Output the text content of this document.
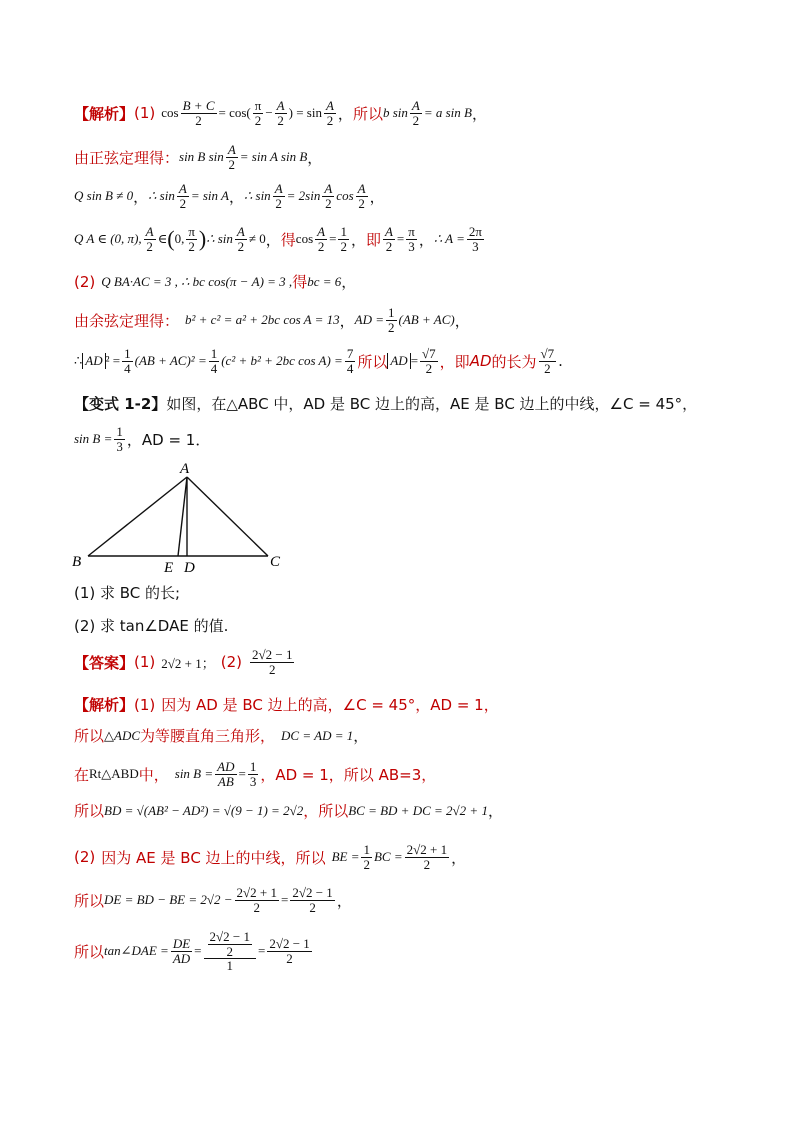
【解析】 (1) $\cos \frac{B + C}{2} = \cos( \frac{\pi}{2} - \frac{A}{2}$ ) = $\sin \frac{A}{2}$ ， 所以 b $\sin \frac{A}{2} = a$ sin B ，
由正弦定理得： sin B $\sin \frac{A}{2} = \sin A$ sin B ，
Q sin B ≠ 0 ， ∴ $\sin \frac{A}{2} = \sin A$ ， ∴ $\sin \frac{A}{2} = 2\sin \frac{A}{2}$ $\cos \frac{A}{2}$ ，
Q A ∈ (0, π), $\frac{A}{2}$ ∈ ( 0, $\frac{\pi}{2}$ ) ∴ $\sin \frac{A}{2} \ne 0$ ， 得 $\cos \frac{A}{2} = \frac{1}{2}$ ， 即 $\frac{A}{2} = \frac{\pi}{3}$ ， ∴ $A = \frac{2\pi}{3}$
(2) Q BA·AC = 3 , ∴ bc cos(π − A) = 3 , 得 bc = 6 ，
由余弦定理得： b² + c² = a² + 2bc cos A = 13 ， AD = $\frac{1}{2} (AB + AC)$ ，
∴ AD $^2 = \frac{1}{4} (AB + AC)^2 = \frac{1}{4} (c^2 + b^2 + 2bc$ $\cos A) = \frac{7}{4}$ 所以 AD = $\frac{√7}{2}$ ，即 AD 的长为 $\frac{√7}{2}$ .
【变式 1-2】 如图，在△ABC 中，AD 是 BC 边上的高，AE 是 BC 边上的中线，∠C = 45°，
$\sin B = \frac{1}{3}$ ，AD = 1．
A
B	C
E D
(1) 求 BC 的长;
(2) 求 tan∠DAE 的值.
【答案】 (1) 2√2 + 1； $(2) \frac{2√2 - 1}{2}$
【解析】 (1) 因为 AD 是 BC 边上的高，∠C = 45°，AD = 1，
所以 △ADC 为等腰直角三角形， DC = AD = 1 ，
在 Rt△ABD 中， $\sin B = \frac{AD}{AB} = \frac{1}{3}$ ，AD = 1，所以 AB=3，
所以 BD = √(AB² − AD²) = √(9 − 1) = 2√2 ，所以 BC = BD + DC = 2√2 + 1 ，
(2) 因为 AE 是 BC 边上的中线，所以 BE = $\frac{1}{2}$ BC = $\frac{2√2 + 1}{2}$ ，
所以 DE = BD − BE = $2√2 - \frac{2√2 + 1}{2} = \frac{2√2 - 1}{2}$ ，
所以 tan∠DAE = $\frac{DE}{AD} = \frac{\frac{2√2 - 1}{2}}{1} = \frac{2√2 - 1}{2}$
